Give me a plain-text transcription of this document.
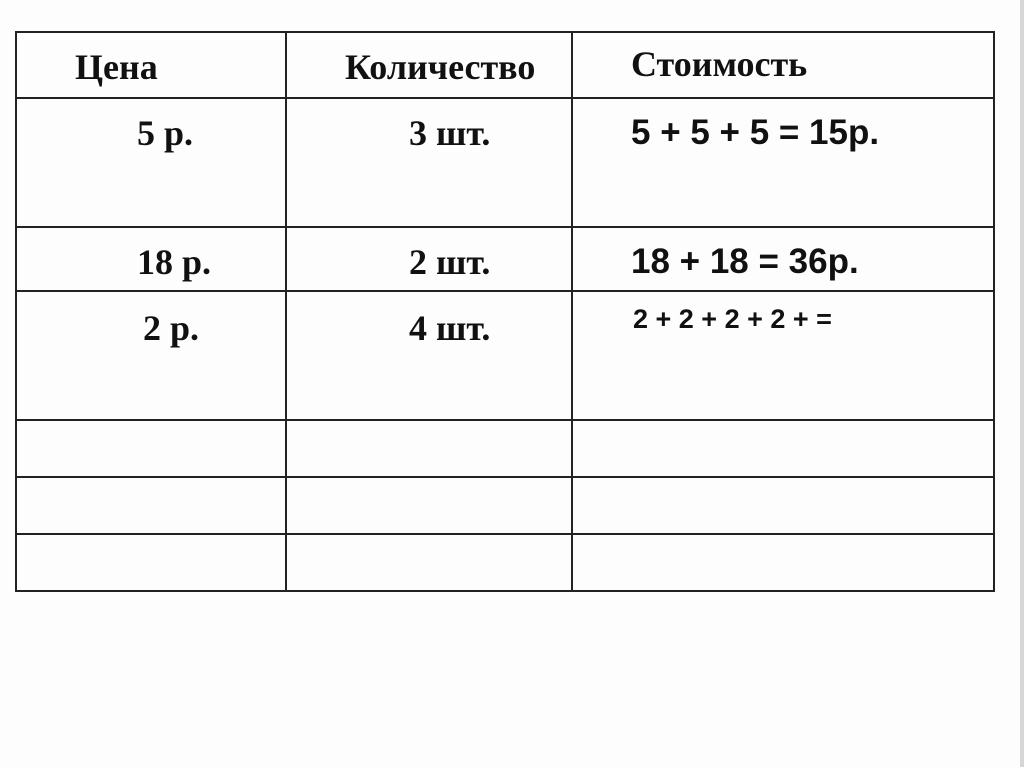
Цена	Количество	Стоимость

5 р.	3 шт.	5 + 5 + 5 = 15р.

18 р.	2 шт.	18 + 18 = 36р.

2 р.	4 шт.	2 + 2 + 2 + 2 + =
